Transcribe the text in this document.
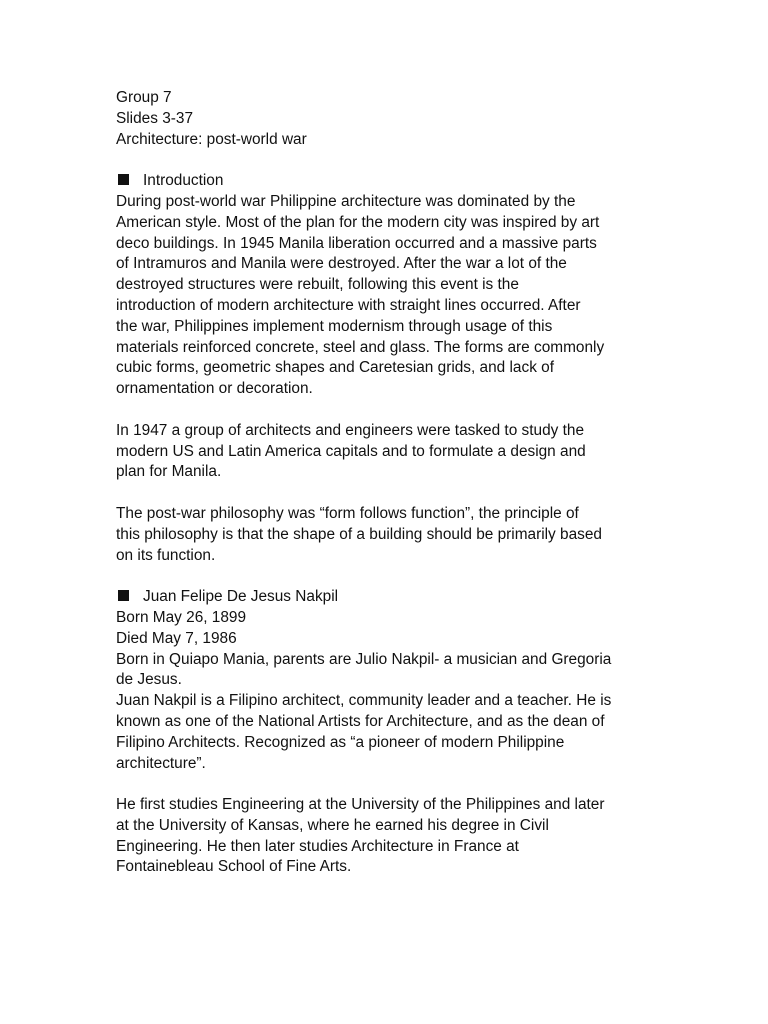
Group 7
Slides 3-37
Architecture: post-world war
Introduction
During post-world war Philippine architecture was dominated by the
American style. Most of the plan for the modern city was inspired by art
deco buildings. In 1945 Manila liberation occurred and a massive parts
of Intramuros and Manila were destroyed. After the war a lot of the
destroyed structures were rebuilt, following this event is the
introduction of modern architecture with straight lines occurred. After
the war, Philippines implement modernism through usage of this
materials reinforced concrete, steel and glass. The forms are commonly
cubic forms, geometric shapes and Caretesian grids, and lack of
ornamentation or decoration.
In 1947 a group of architects and engineers were tasked to study the
modern US and Latin America capitals and to formulate a design and
plan for Manila.
The post-war philosophy was “form follows function”, the principle of
this philosophy is that the shape of a building should be primarily based
on its function.
Juan Felipe De Jesus Nakpil
Born May 26, 1899
Died May 7, 1986
Born in Quiapo Mania, parents are Julio Nakpil- a musician and Gregoria
de Jesus.
Juan Nakpil is a Filipino architect, community leader and a teacher. He is
known as one of the National Artists for Architecture, and as the dean of
Filipino Architects. Recognized as “a pioneer of modern Philippine
architecture”.
He first studies Engineering at the University of the Philippines and later
at the University of Kansas, where he earned his degree in Civil
Engineering. He then later studies Architecture in France at
Fontainebleau School of Fine Arts.
